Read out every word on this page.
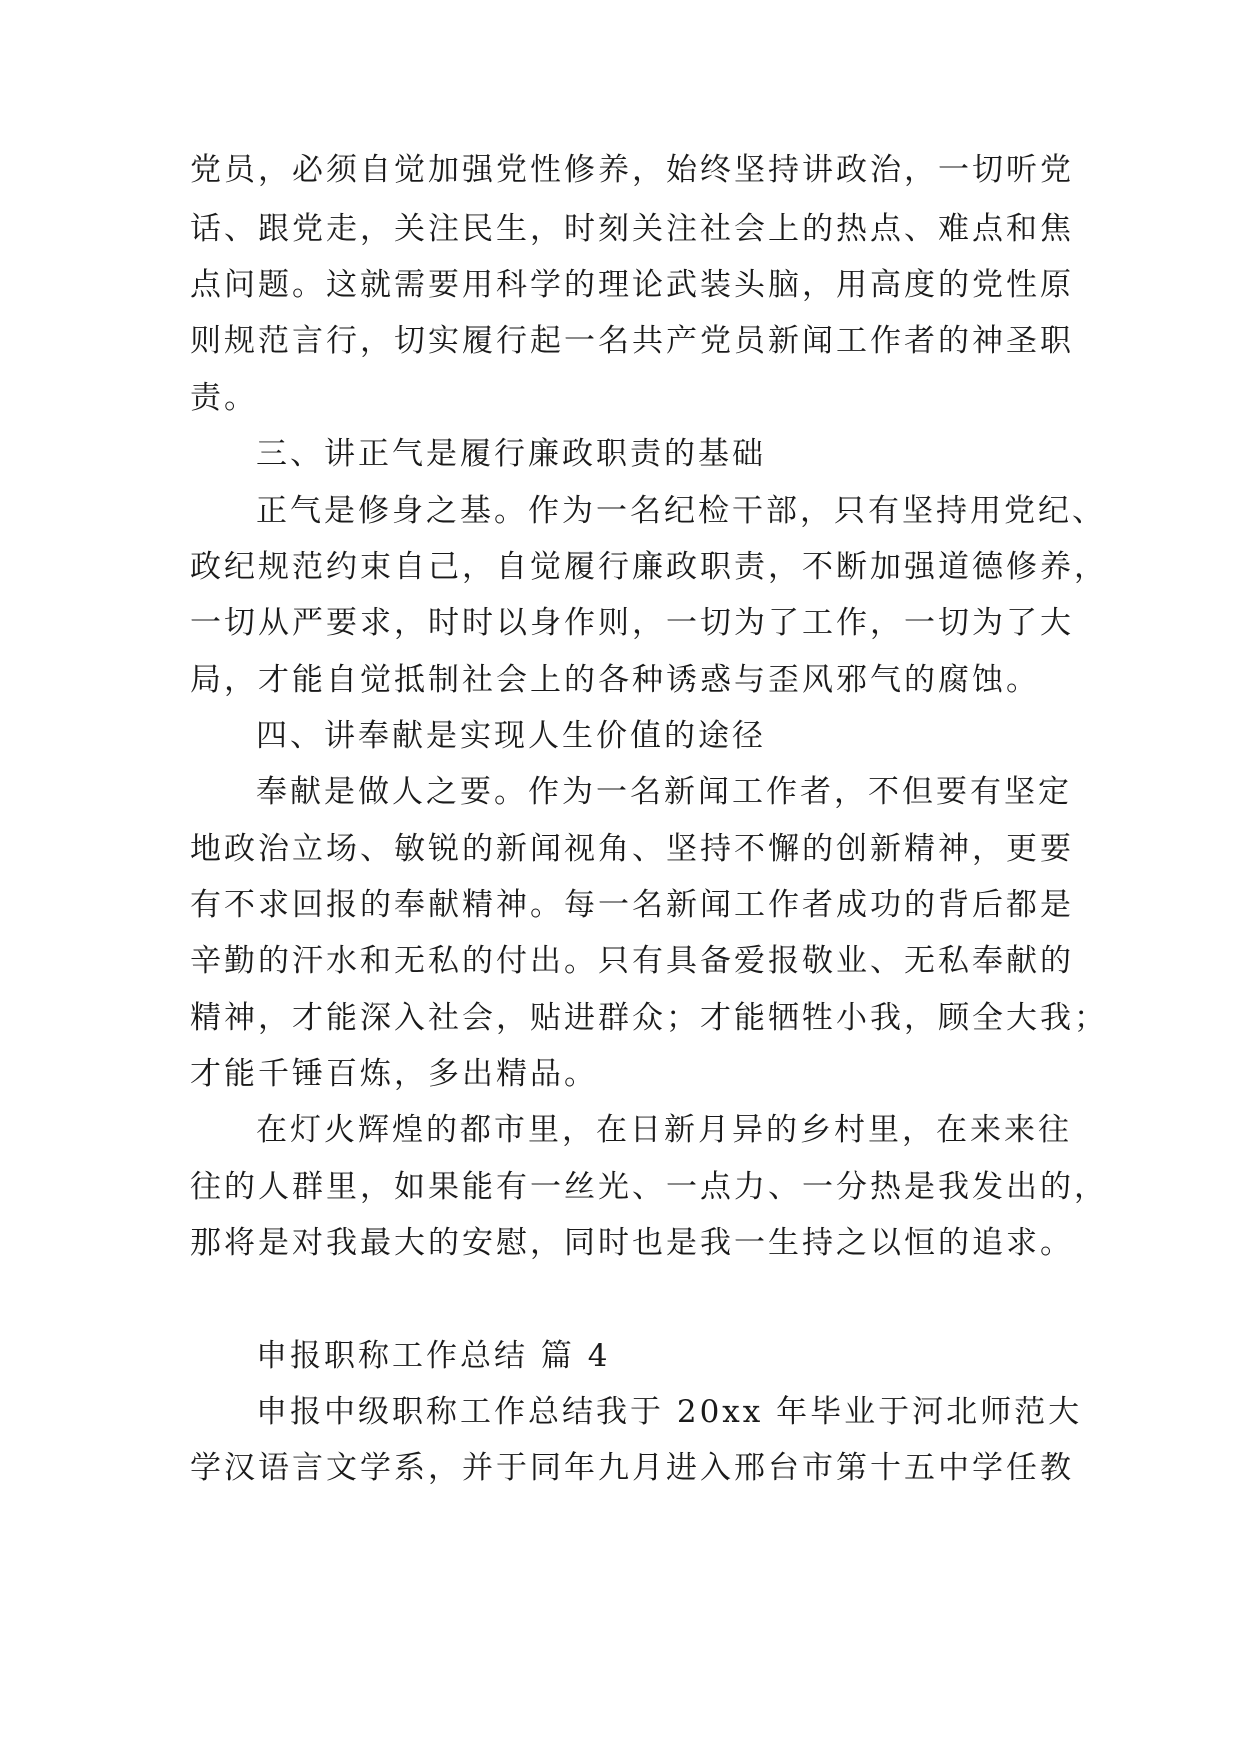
党员，必须自觉加强党性修养，始终坚持讲政治，一切听党
话、跟党走，关注民生，时刻关注社会上的热点、难点和焦
点问题。这就需要用科学的理论武装头脑，用高度的党性原
则规范言行，切实履行起一名共产党员新闻工作者的神圣职
责。
三、讲正气是履行廉政职责的基础
正气是修身之基。作为一名纪检干部，只有坚持用党纪、
政纪规范约束自己，自觉履行廉政职责，不断加强道德修养，
一切从严要求，时时以身作则，一切为了工作，一切为了大
局，才能自觉抵制社会上的各种诱惑与歪风邪气的腐蚀。
四、讲奉献是实现人生价值的途径
奉献是做人之要。作为一名新闻工作者，不但要有坚定
地政治立场、敏锐的新闻视角、坚持不懈的创新精神，更要
有不求回报的奉献精神。每一名新闻工作者成功的背后都是
辛勤的汗水和无私的付出。只有具备爱报敬业、无私奉献的
精神，才能深入社会，贴进群众；才能牺牲小我，顾全大我；
才能千锤百炼，多出精品。
在灯火辉煌的都市里，在日新月异的乡村里，在来来往
往的人群里，如果能有一丝光、一点力、一分热是我发出的，
那将是对我最大的安慰，同时也是我一生持之以恒的追求。
申报职称工作总结 篇 4
申报中级职称工作总结我于 20xx 年毕业于河北师范大
学汉语言文学系，并于同年九月进入邢台市第十五中学任教
